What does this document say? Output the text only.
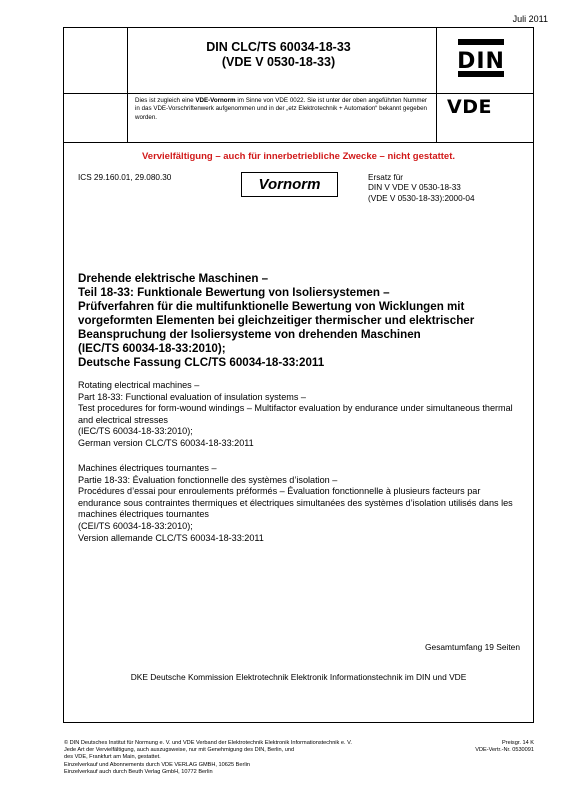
Juli 2011
DIN CLC/TS 60034-18-33
(VDE V 0530-18-33)	DIN
Dies ist zugleich eine VDE-Vornorm im Sinne von VDE 0022. Sie ist unter der oben angeführten Nummer in das VDE-Vorschriftenwerk aufgenommen und in der „etz Elektrotechnik + Automation“ bekannt gegeben worden.	VDE
Vervielfältigung – auch für innerbetriebliche Zwecke – nicht gestattet.
ICS 29.160.01, 29.080.30	Vornorm	Ersatz für
DIN V VDE V 0530-18-33
(VDE V 0530-18-33):2000-04
Drehende elektrische Maschinen –
Teil 18-33: Funktionale Bewertung von Isoliersystemen –
Prüfverfahren für die multifunktionelle Bewertung von Wicklungen mit vorgeformten Elementen bei gleichzeitiger thermischer und elektrischer Beanspruchung der Isoliersysteme von drehenden Maschinen
(IEC/TS 60034-18-33:2010);
Deutsche Fassung CLC/TS 60034-18-33:2011
Rotating electrical machines –
Part 18-33: Functional evaluation of insulation systems –
Test procedures for form-wound windings – Multifactor evaluation by endurance under simultaneous thermal and electrical stresses
(IEC/TS 60034-18-33:2010);
German version CLC/TS 60034-18-33:2011
Machines électriques tournantes –
Partie 18-33: Évaluation fonctionnelle des systèmes d’isolation –
Procédures d’essai pour enroulements préformés – Évaluation fonctionnelle à plusieurs facteurs par endurance sous contraintes thermiques et électriques simultanées des systèmes d’isolation utilisés dans les machines électriques tournantes
(CEI/TS 60034-18-33:2010);
Version allemande CLC/TS 60034-18-33:2011
Gesamtumfang 19 Seiten
DKE Deutsche Kommission Elektrotechnik Elektronik Informationstechnik im DIN und VDE
© DIN Deutsches Institut für Normung e. V. und VDE Verband der Elektrotechnik Elektronik Informationstechnik e. V.
Jede Art der Vervielfältigung, auch auszugsweise, nur mit Genehmigung des DIN, Berlin, und
des VDE, Frankfurt am Main, gestattet.
Einzelverkauf und Abonnements durch VDE VERLAG GMBH, 10625 Berlin
Einzelverkauf auch durch Beuth Verlag GmbH, 10772 Berlin
Preisgr. 14 K
VDE-Vertr.-Nr. 0530091
